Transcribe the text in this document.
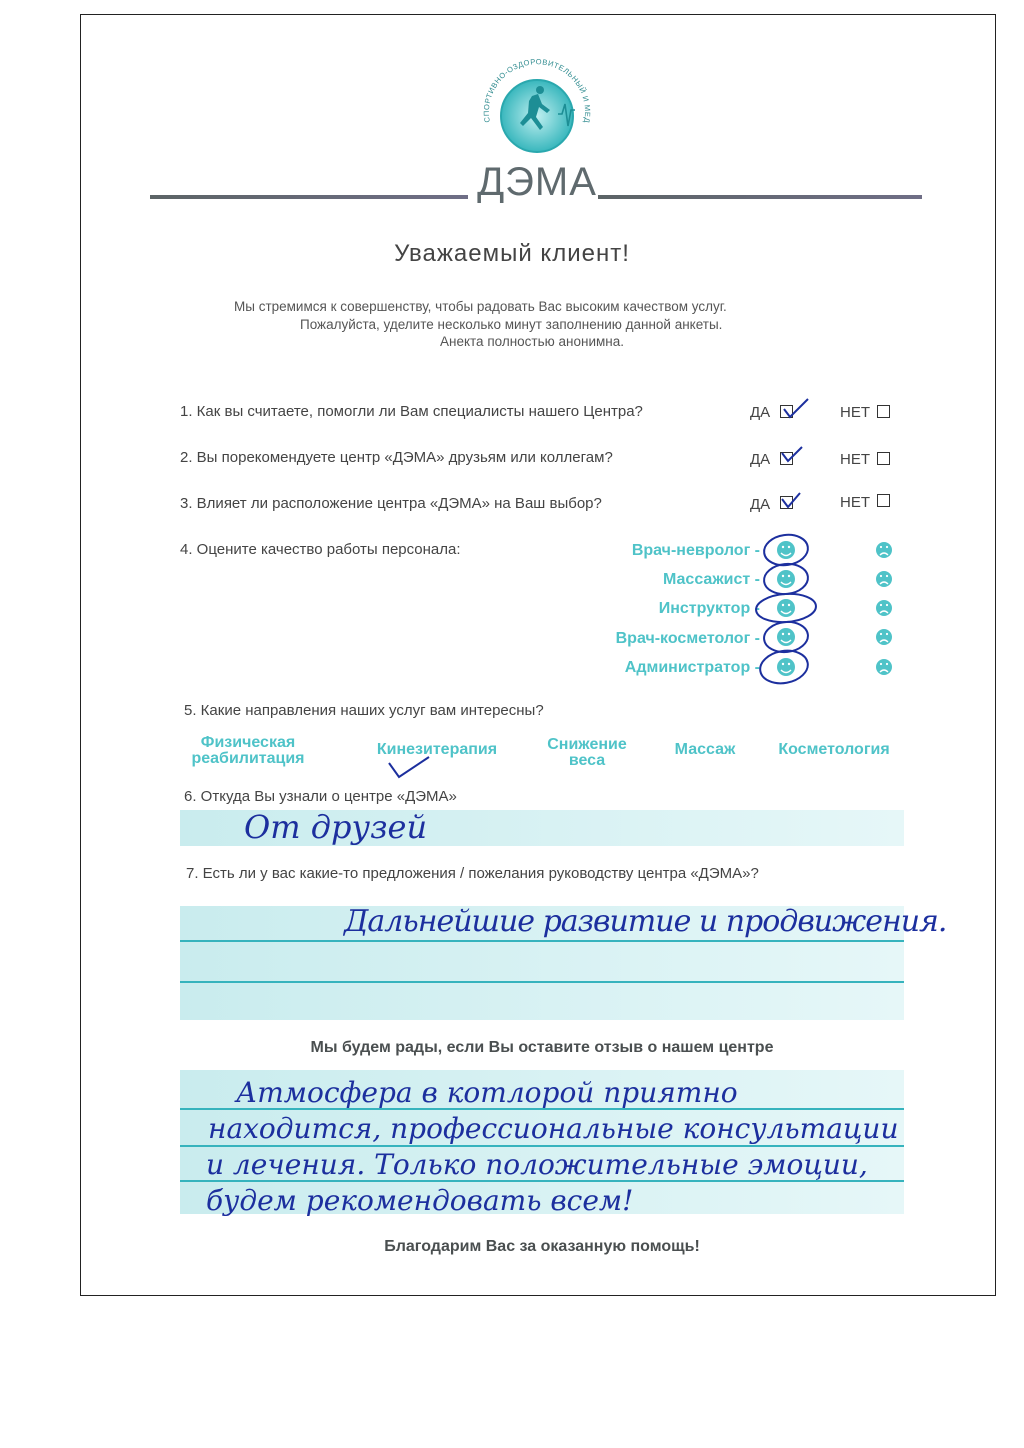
СПОРТИВНО-ОЗДОРОВИТЕЛЬНЫЙ И МЕД
ДЭМА
Уважаемый клиент!
Мы стремимся к совершенству, чтобы радовать Вас высоким качеством услуг.
Пожалуйста, уделите несколько минут заполнению данной анкеты.
Анекта полностью анонимна.
1. Как вы считаете, помогли ли Вам специалисты нашего Центра?	ДА	НЕТ
2. Вы порекомендуете центр «ДЭМА» друзьям или коллегам?	ДА	НЕТ
3. Влияет ли расположение центра «ДЭМА» на Ваш выбор?	ДА	НЕТ
4. Оцените качество работы персонала:	Врач-невролог -
Массажист -
Инструктор -
Врач-косметолог -
Администратор -
5. Какие направления наших услуг вам интересны?
Физическая
реабилитация
Кинезитерапия	Снижение
веса
Массаж	Косметология
6. Откуда Вы узнали о центре «ДЭМА»
От друзей
7. Есть ли у вас какие-то предложения / пожелания руководству центра «ДЭМА»?
Дальнейшие развитие и продвижения.
Мы будем рады, если Вы оставите отзыв о нашем центре
Атмосфера в котлорой приятно
находится, профессиональные консультации
и лечения. Только положительные эмоции,
будем рекомендовать всем!
Благодарим Вас за оказанную помощь!
